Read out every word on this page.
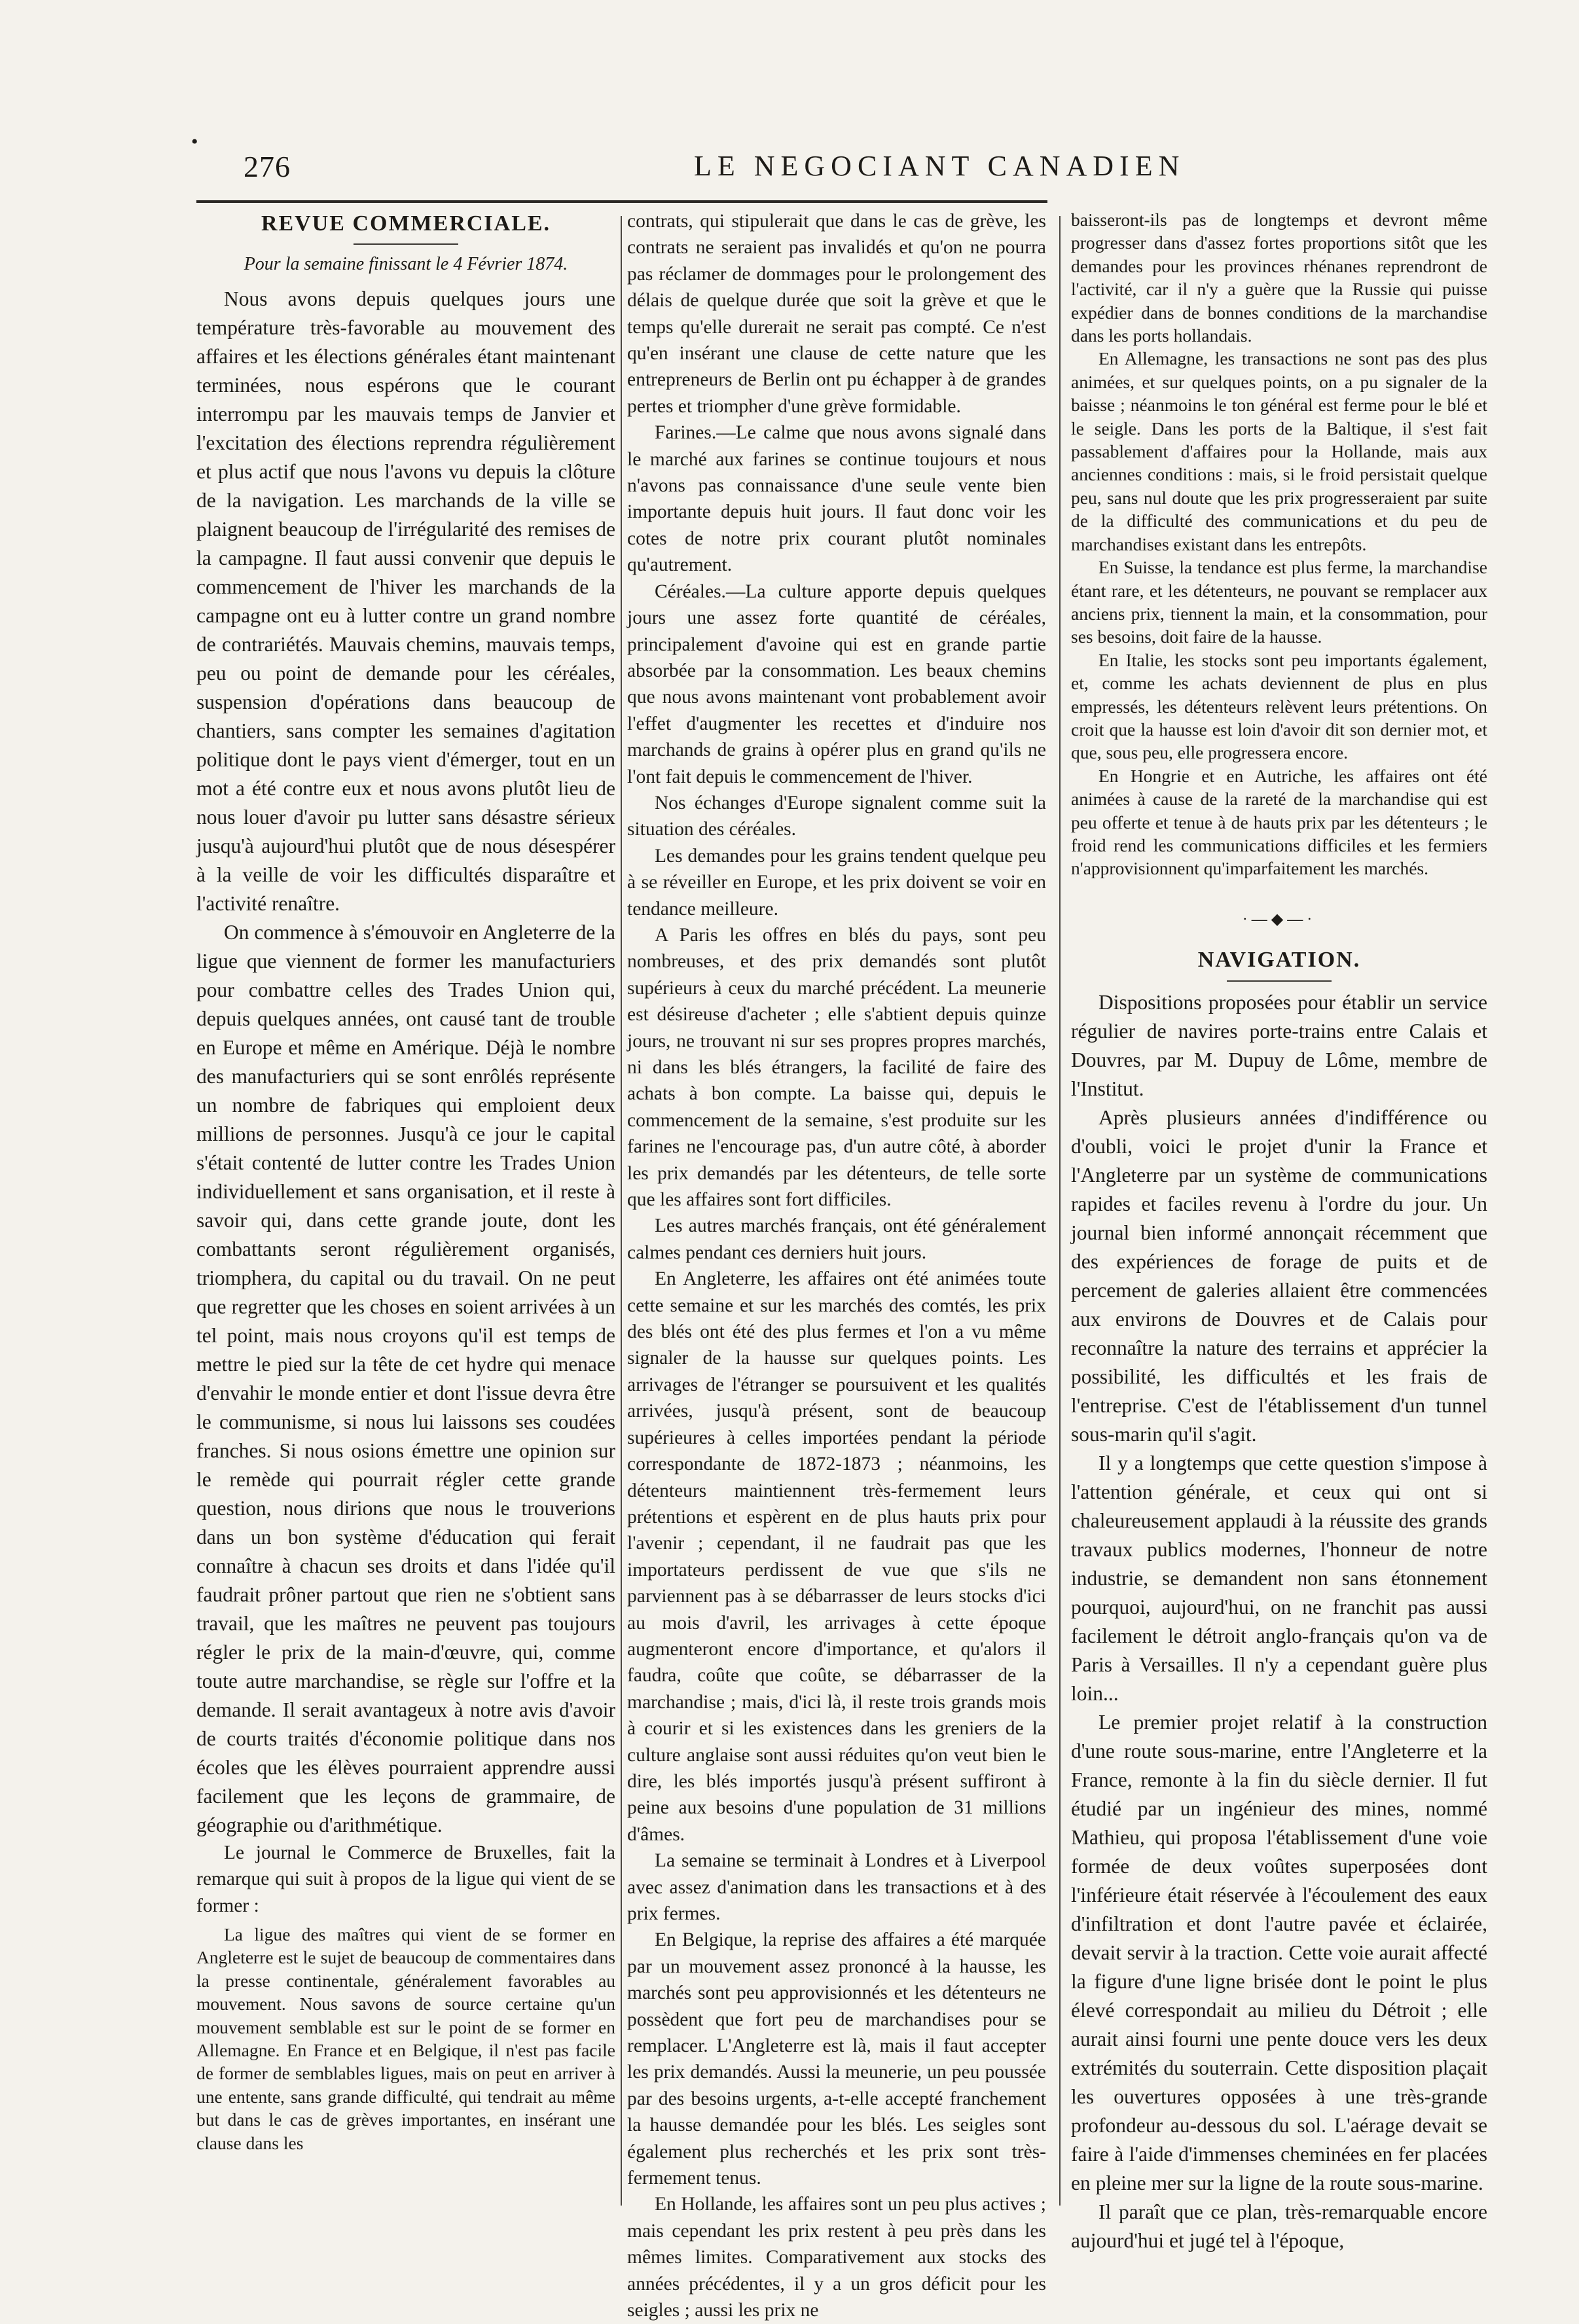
•
276	LE NEGOCIANT CANADIEN
REVUE COMMERCIALE.
Pour la semaine finissant le 4 Février 1874.

Nous avons depuis quelques jours une température très-favorable au mouvement des affaires et les élections générales étant maintenant terminées, nous espérons que le courant interrompu par les mauvais temps de Janvier et l'excitation des élections reprendra régulièrement et plus actif que nous l'avons vu depuis la clôture de la navigation. Les marchands de la ville se plaignent beaucoup de l'irrégularité des remises de la campagne. Il faut aussi convenir que depuis le commencement de l'hiver les marchands de la campagne ont eu à lutter contre un grand nombre de contrariétés. Mauvais chemins, mauvais temps, peu ou point de demande pour les céréales, suspension d'opérations dans beaucoup de chantiers, sans compter les semaines d'agitation politique dont le pays vient d'émerger, tout en un mot a été contre eux et nous avons plutôt lieu de nous louer d'avoir pu lutter sans désastre sérieux jusqu'à aujourd'hui plutôt que de nous désespérer à la veille de voir les difficultés disparaître et l'activité renaître.

On commence à s'émouvoir en Angleterre de la ligue que viennent de former les manufacturiers pour combattre celles des Trades Union qui, depuis quelques années, ont causé tant de trouble en Europe et même en Amérique. Déjà le nombre des manufacturiers qui se sont enrôlés représente un nombre de fabriques qui emploient deux millions de personnes. Jusqu'à ce jour le capital s'était contenté de lutter contre les Trades Union individuellement et sans organisation, et il reste à savoir qui, dans cette grande joute, dont les combattants seront régulièrement organisés, triomphera, du capital ou du travail. On ne peut que regretter que les choses en soient arrivées à un tel point, mais nous croyons qu'il est temps de mettre le pied sur la tête de cet hydre qui menace d'envahir le monde entier et dont l'issue devra être le communisme, si nous lui laissons ses coudées franches. Si nous osions émettre une opinion sur le remède qui pourrait régler cette grande question, nous dirions que nous le trouverions dans un bon système d'éducation qui ferait connaître à chacun ses droits et dans l'idée qu'il faudrait prôner partout que rien ne s'obtient sans travail, que les maîtres ne peuvent pas toujours régler le prix de la main-d'œuvre, qui, comme toute autre marchandise, se règle sur l'offre et la demande. Il serait avantageux à notre avis d'avoir de courts traités d'économie politique dans nos écoles que les élèves pourraient apprendre aussi facilement que les leçons de grammaire, de géographie ou d'arithmétique.

Le journal le Commerce de Bruxelles, fait la remarque qui suit à propos de la ligue qui vient de se former :

La ligue des maîtres qui vient de se former en Angleterre est le sujet de beaucoup de commentaires dans la presse continentale, généralement favorables au mouvement. Nous savons de source certaine qu'un mouvement semblable est sur le point de se former en Allemagne. En France et en Belgique, il n'est pas facile de former de semblables ligues, mais on peut en arriver à une entente, sans grande difficulté, qui tendrait au même but dans le cas de grèves importantes, en insérant une clause dans les

contrats, qui stipulerait que dans le cas de grève, les contrats ne seraient pas invalidés et qu'on ne pourra pas réclamer de dommages pour le prolongement des délais de quelque durée que soit la grève et que le temps qu'elle durerait ne serait pas compté. Ce n'est qu'en insérant une clause de cette nature que les entrepreneurs de Berlin ont pu échapper à de grandes pertes et triompher d'une grève formidable.

Farines.—Le calme que nous avons signalé dans le marché aux farines se continue toujours et nous n'avons pas connaissance d'une seule vente bien importante depuis huit jours. Il faut donc voir les cotes de notre prix courant plutôt nominales qu'autrement.

Céréales.—La culture apporte depuis quelques jours une assez forte quantité de céréales, principalement d'avoine qui est en grande partie absorbée par la consommation. Les beaux chemins que nous avons maintenant vont probablement avoir l'effet d'augmenter les recettes et d'induire nos marchands de grains à opérer plus en grand qu'ils ne l'ont fait depuis le commencement de l'hiver.

Nos échanges d'Europe signalent comme suit la situation des céréales.

Les demandes pour les grains tendent quelque peu à se réveiller en Europe, et les prix doivent se voir en tendance meilleure.

A Paris les offres en blés du pays, sont peu nombreuses, et des prix demandés sont plutôt supérieurs à ceux du marché précédent. La meunerie est désireuse d'acheter ; elle s'abtient depuis quinze jours, ne trouvant ni sur ses propres propres marchés, ni dans les blés étrangers, la facilité de faire des achats à bon compte. La baisse qui, depuis le commencement de la semaine, s'est produite sur les farines ne l'encourage pas, d'un autre côté, à aborder les prix demandés par les détenteurs, de telle sorte que les affaires sont fort difficiles.

Les autres marchés français, ont été généralement calmes pendant ces derniers huit jours.

En Angleterre, les affaires ont été animées toute cette semaine et sur les marchés des comtés, les prix des blés ont été des plus fermes et l'on a vu même signaler de la hausse sur quelques points. Les arrivages de l'étranger se poursuivent et les qualités arrivées, jusqu'à présent, sont de beaucoup supérieures à celles importées pendant la période correspondante de 1872-1873 ; néanmoins, les détenteurs maintiennent très-fermement leurs prétentions et espèrent en de plus hauts prix pour l'avenir ; cependant, il ne faudrait pas que les importateurs perdissent de vue que s'ils ne parviennent pas à se débarrasser de leurs stocks d'ici au mois d'avril, les arrivages à cette époque augmenteront encore d'importance, et qu'alors il faudra, coûte que coûte, se débarrasser de la marchandise ; mais, d'ici là, il reste trois grands mois à courir et si les existences dans les greniers de la culture anglaise sont aussi réduites qu'on veut bien le dire, les blés importés jusqu'à présent suffiront à peine aux besoins d'une population de 31 millions d'âmes.

La semaine se terminait à Londres et à Liverpool avec assez d'animation dans les transactions et à des prix fermes.

En Belgique, la reprise des affaires a été marquée par un mouvement assez prononcé à la hausse, les marchés sont peu approvisionnés et les détenteurs ne possèdent que fort peu de marchandises pour se remplacer. L'Angleterre est là, mais il faut accepter les prix demandés. Aussi la meunerie, un peu poussée par des besoins urgents, a-t-elle accepté franchement la hausse demandée pour les blés. Les seigles sont également plus recherchés et les prix sont très-fermement tenus.

En Hollande, les affaires sont un peu plus actives ; mais cependant les prix restent à peu près dans les mêmes limites. Comparativement aux stocks des années précédentes, il y a un gros déficit pour les seigles ; aussi les prix ne

baisseront-ils pas de longtemps et devront même progresser dans d'assez fortes proportions sitôt que les demandes pour les provinces rhénanes reprendront de l'activité, car il n'y a guère que la Russie qui puisse expédier dans de bonnes conditions de la marchandise dans les ports hollandais.

En Allemagne, les transactions ne sont pas des plus animées, et sur quelques points, on a pu signaler de la baisse ; néanmoins le ton général est ferme pour le blé et le seigle. Dans les ports de la Baltique, il s'est fait passablement d'affaires pour la Hollande, mais aux anciennes conditions : mais, si le froid persistait quelque peu, sans nul doute que les prix progresseraient par suite de la difficulté des communications et du peu de marchandises existant dans les entrepôts.

En Suisse, la tendance est plus ferme, la marchandise étant rare, et les détenteurs, ne pouvant se remplacer aux anciens prix, tiennent la main, et la consommation, pour ses besoins, doit faire de la hausse.

En Italie, les stocks sont peu importants également, et, comme les achats deviennent de plus en plus empressés, les détenteurs relèvent leurs prétentions. On croit que la hausse est loin d'avoir dit son dernier mot, et que, sous peu, elle progressera encore.

En Hongrie et en Autriche, les affaires ont été animées à cause de la rareté de la marchandise qui est peu offerte et tenue à de hauts prix par les détenteurs ; le froid rend les communications difficiles et les fermiers n'approvisionnent qu'imparfaitement les marchés.

·—◆—·
NAVIGATION.

Dispositions proposées pour établir un service régulier de navires porte-trains entre Calais et Douvres, par M. Dupuy de Lôme, membre de l'Institut.

Après plusieurs années d'indifférence ou d'oubli, voici le projet d'unir la France et l'Angleterre par un système de communications rapides et faciles revenu à l'ordre du jour. Un journal bien informé annonçait récemment que des expériences de forage de puits et de percement de galeries allaient être commencées aux environs de Douvres et de Calais pour reconnaître la nature des terrains et apprécier la possibilité, les difficultés et les frais de l'entreprise. C'est de l'établissement d'un tunnel sous-marin qu'il s'agit.

Il y a longtemps que cette question s'impose à l'attention générale, et ceux qui ont si chaleureusement applaudi à la réussite des grands travaux publics modernes, l'honneur de notre industrie, se demandent non sans étonnement pourquoi, aujourd'hui, on ne franchit pas aussi facilement le détroit anglo-français qu'on va de Paris à Versailles. Il n'y a cependant guère plus loin...

Le premier projet relatif à la construction d'une route sous-marine, entre l'Angleterre et la France, remonte à la fin du siècle dernier. Il fut étudié par un ingénieur des mines, nommé Mathieu, qui proposa l'établissement d'une voie formée de deux voûtes superposées dont l'inférieure était réservée à l'écoulement des eaux d'infiltration et dont l'autre pavée et éclairée, devait servir à la traction. Cette voie aurait affecté la figure d'une ligne brisée dont le point le plus élevé correspondait au milieu du Détroit ; elle aurait ainsi fourni une pente douce vers les deux extrémités du souterrain. Cette disposition plaçait les ouvertures opposées à une très-grande profondeur au-dessous du sol. L'aérage devait se faire à l'aide d'immenses cheminées en fer placées en pleine mer sur la ligne de la route sous-marine.

Il paraît que ce plan, très-remarquable encore aujourd'hui et jugé tel à l'époque,
